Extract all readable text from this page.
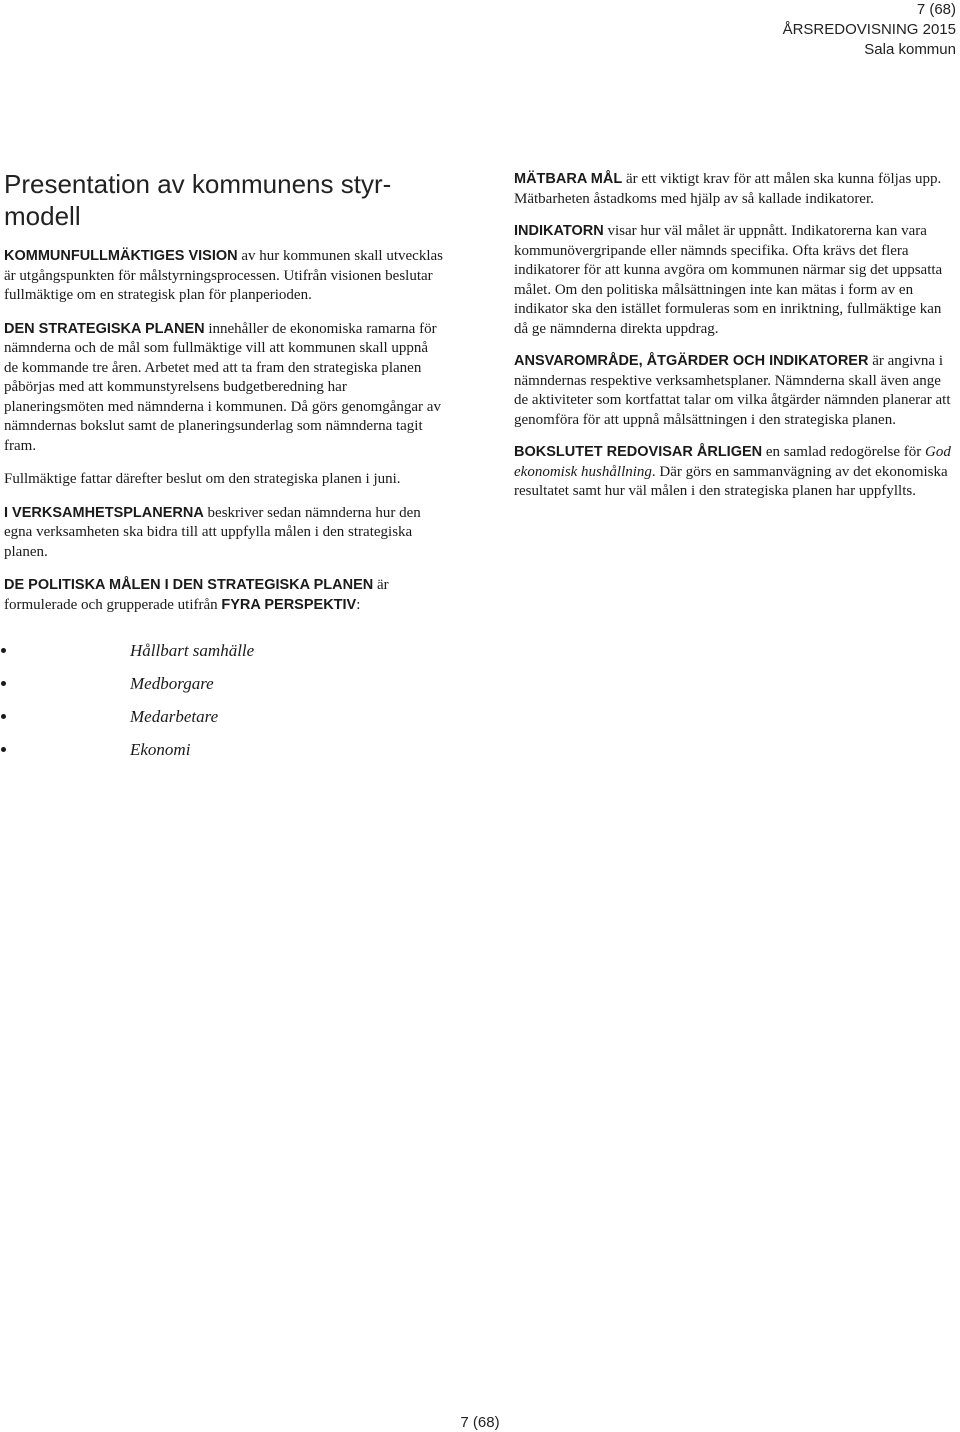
7 (68)
ÅRSREDOVISNING 2015
Sala kommun
Presentation av kommunens styr-modell

KOMMUNFULLMÄKTIGES VISION av hur kommunen skall utvecklas är utgångspunkten för målstyrningsprocessen. Utifrån visionen beslutar fullmäktige om en strategisk plan för planperioden.

DEN STRATEGISKA PLANEN innehåller de ekonomiska ramarna för nämnderna och de mål som fullmäktige vill att kommunen skall uppnå de kommande tre åren. Arbetet med att ta fram den strategiska planen påbörjas med att kommunstyrelsens budgetberedning har planeringsmöten med nämnderna i kommunen. Då görs genomgångar av nämndernas bokslut samt de planeringsunderlag som nämnderna tagit fram.

Fullmäktige fattar därefter beslut om den strategiska planen i juni.

I VERKSAMHETSPLANERNA beskriver sedan nämnderna hur den egna verksamheten ska bidra till att uppfylla målen i den strategiska planen.

DE POLITISKA MÅLEN I DEN STRATEGISKA PLANEN är formulerade och grupperade utifrån FYRA PERSPEKTIV:

Hållbart samhälle
Medborgare
Medarbetare
Ekonomi

MÄTBARA MÅL är ett viktigt krav för att målen ska kunna följas upp. Mätbarheten åstadkoms med hjälp av så kallade indikatorer.

INDIKATORN visar hur väl målet är uppnått. Indikatorerna kan vara kommunövergripande eller nämnds specifika. Ofta krävs det flera indikatorer för att kunna avgöra om kommunen närmar sig det uppsatta målet. Om den politiska målsättningen inte kan mätas i form av en indikator ska den istället formuleras som en inriktning, fullmäktige kan då ge nämnderna direkta uppdrag.

ANSVAROMRÅDE, ÅTGÄRDER OCH INDIKATORER är angivna i nämndernas respektive verksamhetsplaner. Nämnderna skall även ange de aktiviteter som kortfattat talar om vilka åtgärder nämnden planerar att genomföra för att uppnå målsättningen i den strategiska planen.

BOKSLUTET REDOVISAR ÅRLIGEN en samlad redogörelse för God ekonomisk hushållning. Där görs en sammanvägning av det ekonomiska resultatet samt hur väl målen i den strategiska planen har uppfyllts.

7 (68)
